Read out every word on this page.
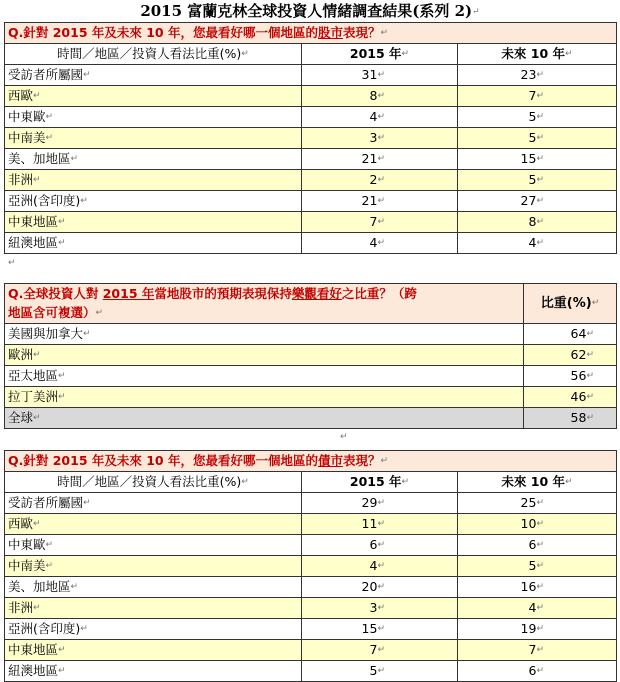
2015 富蘭克林全球投資人情緒調查結果(系列 2)↵
Q.針對 2015 年及未來 10 年，您最看好哪一個地區的股市表現？↵		
時間／地區／投資人看法比重(%)↵	2015 年↵	未來 10 年↵
受訪者所屬國↵	31↵	23↵
西歐↵	8↵	7↵
中東歐↵	4↵	5↵
中南美↵	3↵	5↵
美、加地區↵	21↵	15↵
非洲↵	2↵	5↵
亞洲(含印度)↵	21↵	27↵
中東地區↵	7↵	8↵
紐澳地區↵	4↵	4↵
↵
Q.全球投資人對 2015 年當地股市的預期表現保持樂觀看好之比重？（跨
地區含可複選）↵	比重(%)↵
美國與加拿大↵	64↵
歐洲↵	62↵
亞太地區↵	56↵
拉丁美洲↵	46↵
全球↵	58↵
↵
Q.針對 2015 年及未來 10 年，您最看好哪一個地區的債市表現？↵		
時間／地區／投資人看法比重(%)↵	2015 年↵	未來 10 年↵
受訪者所屬國↵	29↵	25↵
西歐↵	11↵	10↵
中東歐↵	6↵	6↵
中南美↵	4↵	5↵
美、加地區↵	20↵	16↵
非洲↵	3↵	4↵
亞洲(含印度)↵	15↵	19↵
中東地區↵	7↵	7↵
紐澳地區↵	5↵	6↵
